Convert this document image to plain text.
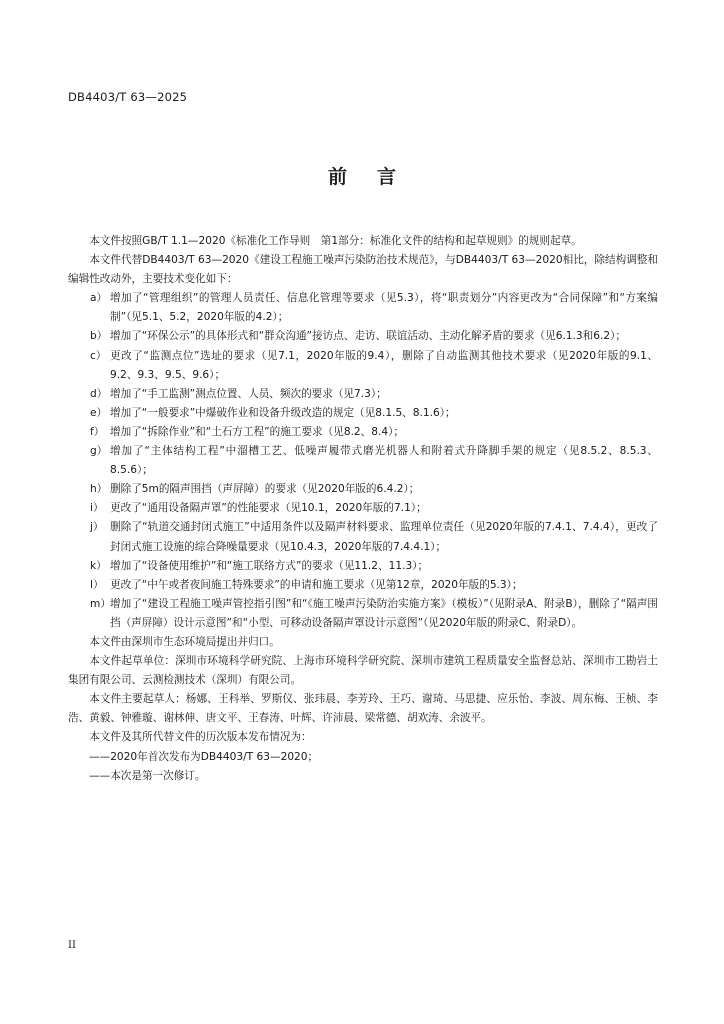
DB4403/T 63—2025
前言

本文件按照GB/T 1.1—2020《标准化工作导则　第1部分：标准化文件的结构和起草规则》的规则起草。

本文件代替DB4403/T 63—2020《建设工程施工噪声污染防治技术规范》，与DB4403/T 63—2020相比，除结构调整和编辑性改动外，主要技术变化如下：

a） 增加了“管理组织”的管理人员责任、信息化管理等要求（见5.3），将“职责划分”内容更改为“合同保障”和“方案编制”（见5.1、5.2，2020年版的4.2）；
b） 增加了“环保公示”的具体形式和“群众沟通”接访点、走访、联谊活动、主动化解矛盾的要求（见6.1.3和6.2）；
c） 更改了“监测点位”选址的要求（见7.1，2020年版的9.4），删除了自动监测其他技术要求（见2020年版的9.1、9.2、9.3、9.5、9.6）；
d） 增加了“手工监测”测点位置、人员、频次的要求（见7.3）；
e） 增加了“一般要求”中爆破作业和设备升级改造的规定（见8.1.5、8.1.6）；
f） 增加了“拆除作业”和“土石方工程”的施工要求（见8.2、8.4）；
g） 增加了“主体结构工程”中溜槽工艺、低噪声履带式磨光机器人和附着式升降脚手架的规定（见8.5.2、8.5.3、8.5.6）；
h） 删除了5m的隔声围挡（声屏障）的要求（见2020年版的6.4.2）；
i） 更改了“通用设备隔声罩”的性能要求（见10.1，2020年版的7.1）；
j） 删除了“轨道交通封闭式施工”中适用条件以及隔声材料要求、监理单位责任（见2020年版的7.4.1、7.4.4），更改了封闭式施工设施的综合降噪量要求（见10.4.3，2020年版的7.4.4.1）；
k） 增加了“设备使用维护”和“施工联络方式”的要求（见11.2、11.3）；
l） 更改了“中午或者夜间施工特殊要求”的申请和施工要求（见第12章，2020年版的5.3）；
m） 增加了“建设工程施工噪声管控指引图”和“《施工噪声污染防治实施方案》（模板）”（见附录A、附录B），删除了“隔声围挡（声屏障）设计示意图”和“小型、可移动设备隔声罩设计示意图”（见2020年版的附录C、附录D）。

本文件由深圳市生态环境局提出并归口。

本文件起草单位：深圳市环境科学研究院、上海市环境科学研究院、深圳市建筑工程质量安全监督总站、深圳市工勘岩土集团有限公司、云测检测技术（深圳）有限公司。

本文件主要起草人：杨娜、王科举、罗斯仪、张玮晨、李芳玲、王巧、谢琦、马思捷、应乐怡、李波、周东梅、王桢、李浩、黄毅、钟雅璇、谢林伸、唐文平、王春涛、叶辉、许沛晨、梁常德、胡欢涛、余波平。

本文件及其所代替文件的历次版本发布情况为：

——2020年首次发布为DB4403/T 63—2020；

——本次是第一次修订。

II
